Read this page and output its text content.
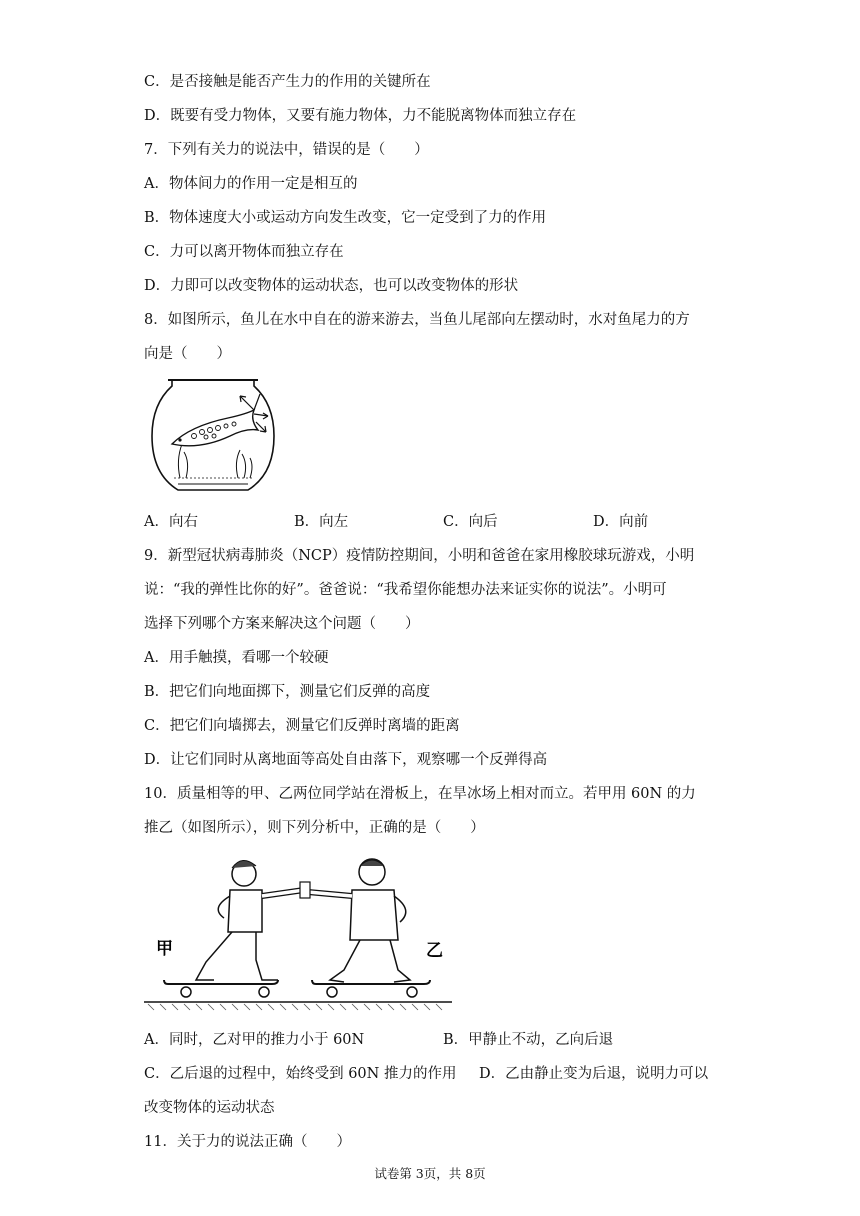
C．是否接触是能否产生力的作用的关键所在
D．既要有受力物体，又要有施力物体，力不能脱离物体而独立存在
7．下列有关力的说法中，错误的是（　　）
A．物体间力的作用一定是相互的
B．物体速度大小或运动方向发生改变，它一定受到了力的作用
C．力可以离开物体而独立存在
D．力即可以改变物体的运动状态，也可以改变物体的形状
8．如图所示，鱼儿在水中自在的游来游去，当鱼儿尾部向左摆动时，水对鱼尾力的方
向是（　　）
A．向右	B．向左	C．向后	D．向前
9．新型冠状病毒肺炎（NCP）疫情防控期间，小明和爸爸在家用橡胶球玩游戏，小明
说：“我的弹性比你的好”。爸爸说：“我希望你能想办法来证实你的说法”。小明可
选择下列哪个方案来解决这个问题（　　）
A．用手触摸，看哪一个较硬
B．把它们向地面掷下，测量它们反弹的高度
C．把它们向墙掷去，测量它们反弹时离墙的距离
D．让它们同时从离地面等高处自由落下，观察哪一个反弹得高
10．质量相等的甲、乙两位同学站在滑板上，在旱冰场上相对而立。若甲用 60N 的力
推乙（如图所示），则下列分析中，正确的是（　　）
甲	乙
A．同时，乙对甲的推力小于 60N	B．甲静止不动，乙向后退
C．乙后退的过程中，始终受到 60N 推力的作用 D．乙由静止变为后退，说明力可以
改变物体的运动状态
11．关于力的说法正确（　　）
试卷第 3页，共 8页
